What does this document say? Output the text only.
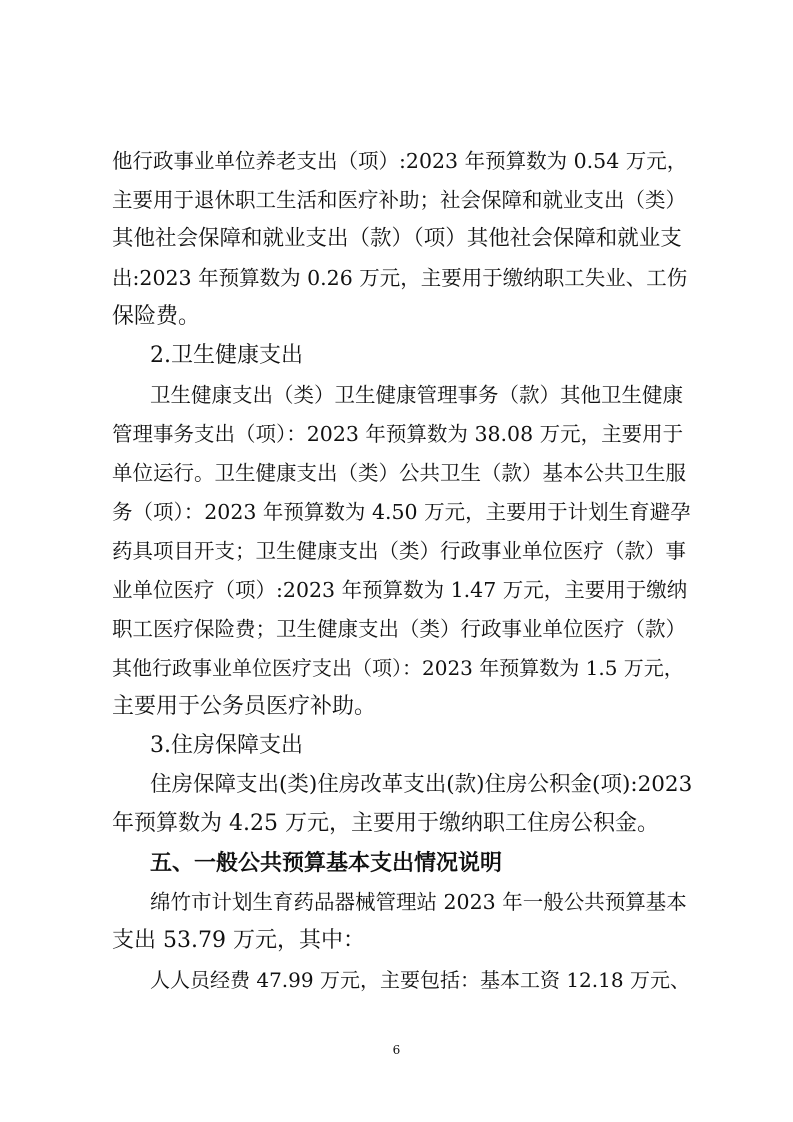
他行政事业单位养老支出（项）:2023 年预算数为 0.54 万元，
主要用于退休职工生活和医疗补助；社会保障和就业支出（类）
其他社会保障和就业支出（款）（项）其他社会保障和就业支
出:2023 年预算数为 0.26 万元，主要用于缴纳职工失业、工伤
保险费。
2.卫生健康支出
卫生健康支出（类）卫生健康管理事务（款）其他卫生健康
管理事务支出（项）：2023 年预算数为 38.08 万元，主要用于
单位运行。卫生健康支出（类）公共卫生（款）基本公共卫生服
务（项）：2023 年预算数为 4.50 万元，主要用于计划生育避孕
药具项目开支；卫生健康支出（类）行政事业单位医疗（款）事
业单位医疗（项）:2023 年预算数为 1.47 万元，主要用于缴纳
职工医疗保险费；卫生健康支出（类）行政事业单位医疗（款）
其他行政事业单位医疗支出（项）：2023 年预算数为 1.5 万元，
主要用于公务员医疗补助。
3.住房保障支出
住房保障支出(类)住房改革支出(款)住房公积金(项):2023
年预算数为 4.25 万元，主要用于缴纳职工住房公积金。
五、一般公共预算基本支出情况说明
绵竹市计划生育药品器械管理站 2023 年一般公共预算基本
支出 53.79 万元，其中：
人人员经费 47.99 万元，主要包括：基本工资 12.18 万元、
6
